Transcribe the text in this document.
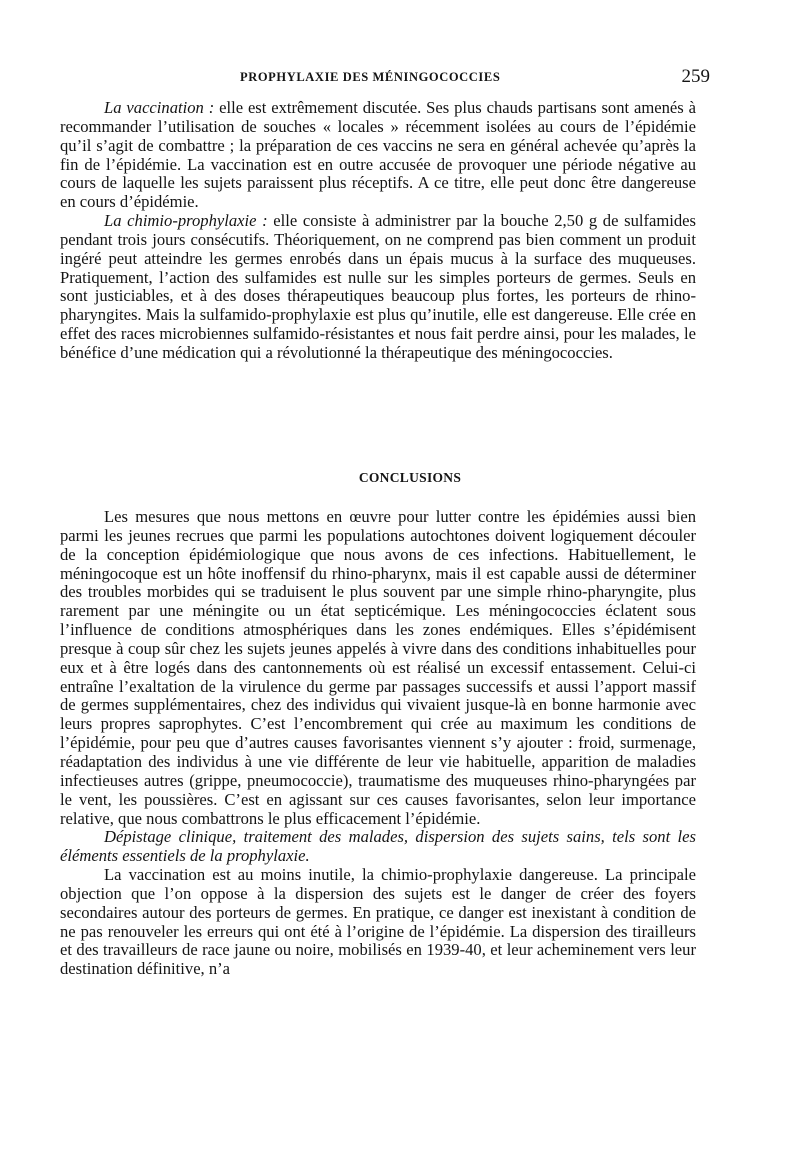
PROPHYLAXIE DES MÉNINGOCOCCIES	259

La vaccination : elle est extrêmement discutée. Ses plus chauds partisans sont amenés à recommander l’utilisation de souches « locales » récemment isolées au cours de l’épidémie qu’il s’agit de combattre ; la préparation de ces vaccins ne sera en général achevée qu’après la fin de l’épidémie. La vaccination est en outre accusée de provoquer une période négative au cours de laquelle les sujets paraissent plus réceptifs. A ce titre, elle peut donc être dangereuse en cours d’épidémie.

La chimio-prophylaxie : elle consiste à administrer par la bouche 2,50 g de sulfamides pendant trois jours consécutifs. Théoriquement, on ne comprend pas bien comment un produit ingéré peut atteindre les germes enrobés dans un épais mucus à la surface des muqueuses. Pratiquement, l’action des sulfamides est nulle sur les simples porteurs de germes. Seuls en sont justiciables, et à des doses thérapeutiques beaucoup plus fortes, les porteurs de rhino-pharyngites. Mais la sulfamido-prophylaxie est plus qu’inutile, elle est dangereuse. Elle crée en effet des races microbiennes sulfamido-résistantes et nous fait perdre ainsi, pour les malades, le bénéfice d’une médication qui a révolutionné la thérapeutique des méningococcies.

CONCLUSIONS

Les mesures que nous mettons en œuvre pour lutter contre les épidémies aussi bien parmi les jeunes recrues que parmi les populations autochtones doivent logiquement découler de la conception épidémiologique que nous avons de ces infections. Habituellement, le méningocoque est un hôte inoffensif du rhino-pharynx, mais il est capable aussi de déterminer des troubles morbides qui se traduisent le plus souvent par une simple rhino-pharyngite, plus rarement par une méningite ou un état septicémique. Les méningococcies éclatent sous l’influence de conditions atmosphériques dans les zones endémiques. Elles s’épidémisent presque à coup sûr chez les sujets jeunes appelés à vivre dans des conditions inhabituelles pour eux et à être logés dans des cantonnements où est réalisé un excessif entassement. Celui-ci entraîne l’exaltation de la virulence du germe par passages successifs et aussi l’apport massif de germes supplémentaires, chez des individus qui vivaient jusque-là en bonne harmonie avec leurs propres saprophytes. C’est l’encombrement qui crée au maximum les conditions de l’épidémie, pour peu que d’autres causes favorisantes viennent s’y ajouter : froid, surmenage, réadaptation des individus à une vie différente de leur vie habituelle, apparition de maladies infectieuses autres (grippe, pneumococcie), traumatisme des muqueuses rhino-pharyngées par le vent, les poussières. C’est en agissant sur ces causes favorisantes, selon leur importance relative, que nous combattrons le plus efficacement l’épidémie.

Dépistage clinique, traitement des malades, dispersion des sujets sains, tels sont les éléments essentiels de la prophylaxie.

La vaccination est au moins inutile, la chimio-prophylaxie dangereuse. La principale objection que l’on oppose à la dispersion des sujets est le danger de créer des foyers secondaires autour des porteurs de germes. En pratique, ce danger est inexistant à condition de ne pas renouveler les erreurs qui ont été à l’origine de l’épidémie. La dispersion des tirailleurs et des travailleurs de race jaune ou noire, mobilisés en 1939-40, et leur acheminement vers leur destination définitive, n’a
